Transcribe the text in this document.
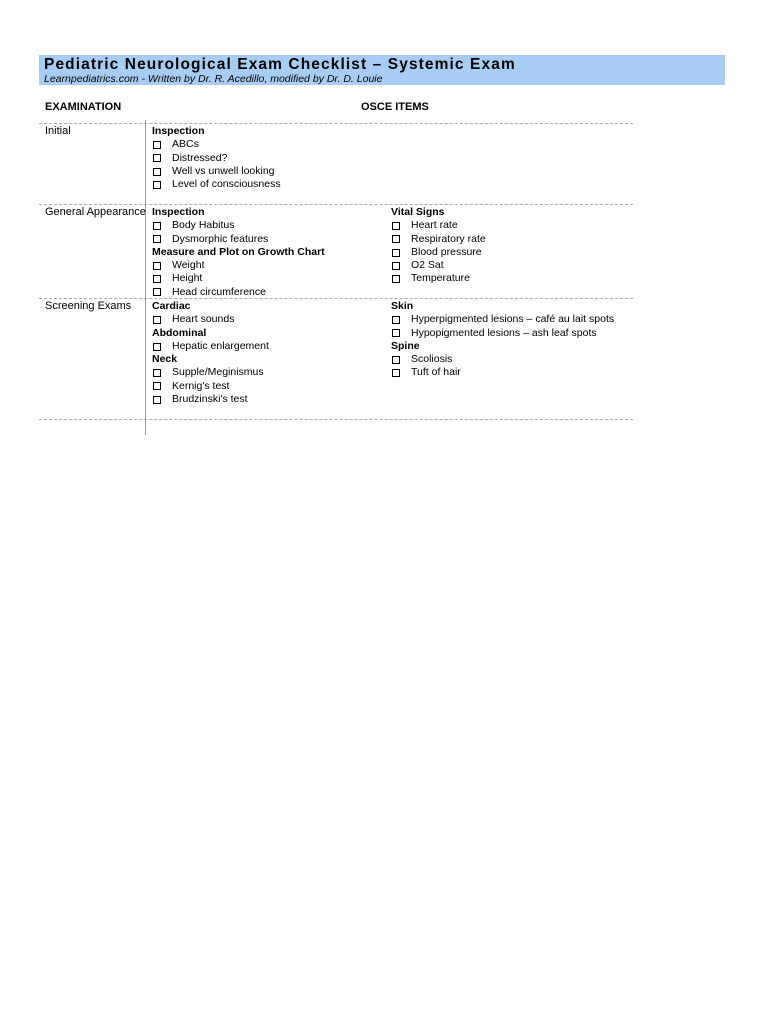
Pediatric Neurological Exam Checklist – Systemic Exam
Learnpediatrics.com - Written by Dr. R. Acedillo, modified by Dr. D. Louie
EXAMINATION	OSCE ITEMS
Initial	Inspection
ABCs
Distressed?
Well vs unwell looking
Level of consciousness
General Appearance Inspection
Body Habitus
Dysmorphic features
Measure and Plot on Growth Chart
Weight
Height
Head circumference
Vital Signs
Heart rate
Respiratory rate
Blood pressure
O2 Sat
Temperature
Screening Exams Cardiac
Heart sounds
Abdominal
Hepatic enlargement
Neck
Supple/Meginismus
Kernig's test
Brudzinski's test
Skin
Hyperpigmented lesions – café au lait spots
Hypopigmented lesions – ash leaf spots
Spine
Scoliosis
Tuft of hair
